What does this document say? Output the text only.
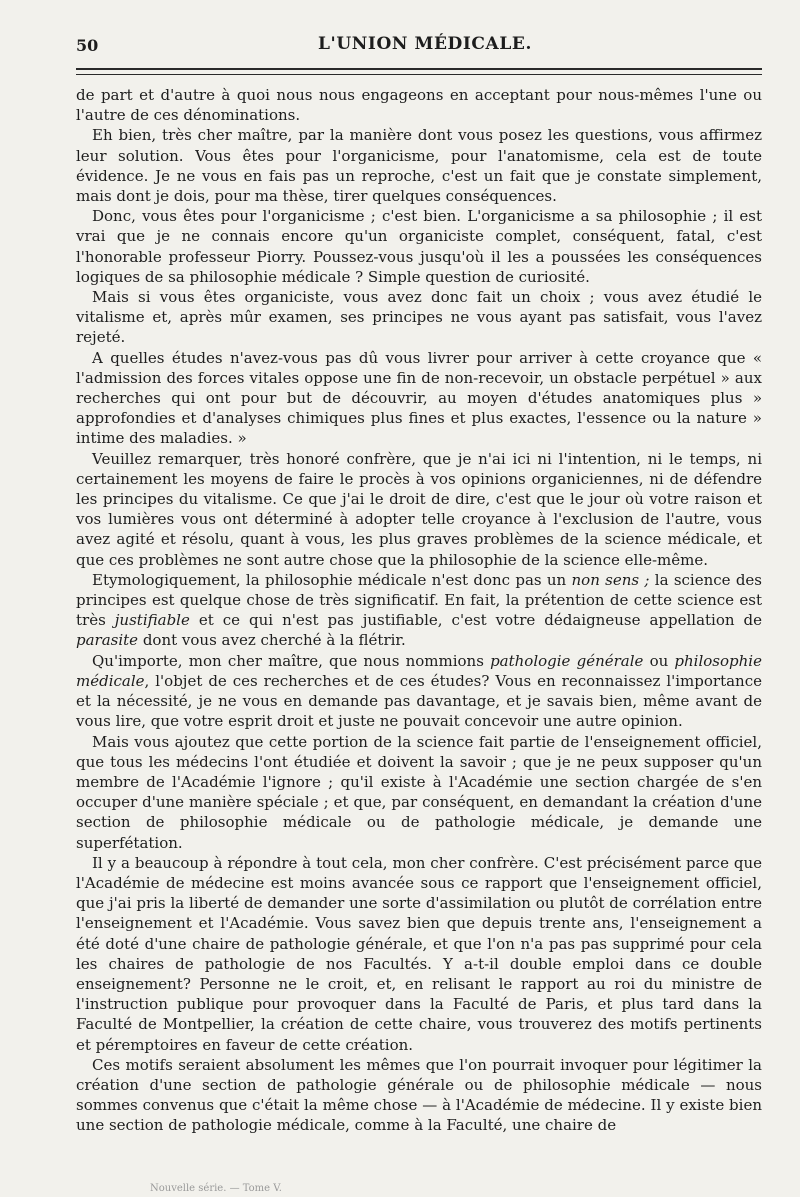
50	L'UNION MÉDICALE.

de part et d'autre à quoi nous nous engageons en acceptant pour nous-mêmes l'une ou l'autre de ces dénominations.

Eh bien, très cher maître, par la manière dont vous posez les questions, vous affirmez leur solution. Vous êtes pour l'organicisme, pour l'anatomisme, cela est de toute évidence. Je ne vous en fais pas un reproche, c'est un fait que je constate simplement, mais dont je dois, pour ma thèse, tirer quelques conséquences.

Donc, vous êtes pour l'organicisme ; c'est bien. L'organicisme a sa philosophie ; il est vrai que je ne connais encore qu'un organiciste complet, conséquent, fatal, c'est l'honorable professeur Piorry. Poussez-vous jusqu'où il les a poussées les conséquences logiques de sa philosophie médicale ? Simple question de curiosité.

Mais si vous êtes organiciste, vous avez donc fait un choix ; vous avez étudié le vitalisme et, après mûr examen, ses principes ne vous ayant pas satisfait, vous l'avez rejeté.

A quelles études n'avez-vous pas dû vous livrer pour arriver à cette croyance que « l'admission des forces vitales oppose une fin de non-recevoir, un obstacle perpétuel » aux recherches qui ont pour but de découvrir, au moyen d'études anatomiques plus » approfondies et d'analyses chimiques plus fines et plus exactes, l'essence ou la nature » intime des maladies. »

Veuillez remarquer, très honoré confrère, que je n'ai ici ni l'intention, ni le temps, ni certainement les moyens de faire le procès à vos opinions organiciennes, ni de défendre les principes du vitalisme. Ce que j'ai le droit de dire, c'est que le jour où votre raison et vos lumières vous ont déterminé à adopter telle croyance à l'exclusion de l'autre, vous avez agité et résolu, quant à vous, les plus graves problèmes de la science médicale, et que ces problèmes ne sont autre chose que la philosophie de la science elle-même.

Etymologiquement, la philosophie médicale n'est donc pas un non sens ; la science des principes est quelque chose de très significatif. En fait, la prétention de cette science est très justifiable et ce qui n'est pas justifiable, c'est votre dédaigneuse appellation de parasite dont vous avez cherché à la flétrir.

Qu'importe, mon cher maître, que nous nommions pathologie générale ou philosophie médicale, l'objet de ces recherches et de ces études? Vous en reconnaissez l'importance et la nécessité, je ne vous en demande pas davantage, et je savais bien, même avant de vous lire, que votre esprit droit et juste ne pouvait concevoir une autre opinion.

Mais vous ajoutez que cette portion de la science fait partie de l'enseignement officiel, que tous les médecins l'ont étudiée et doivent la savoir ; que je ne peux supposer qu'un membre de l'Académie l'ignore ; qu'il existe à l'Académie une section chargée de s'en occuper d'une manière spéciale ; et que, par conséquent, en demandant la création d'une section de philosophie médicale ou de pathologie médicale, je demande une superfétation.

Il y a beaucoup à répondre à tout cela, mon cher confrère. C'est précisément parce que l'Académie de médecine est moins avancée sous ce rapport que l'enseignement officiel, que j'ai pris la liberté de demander une sorte d'assimilation ou plutôt de corrélation entre l'enseignement et l'Académie. Vous savez bien que depuis trente ans, l'enseignement a été doté d'une chaire de pathologie générale, et que l'on n'a pas pas supprimé pour cela les chaires de pathologie de nos Facultés. Y a-t-il double emploi dans ce double enseignement? Personne ne le croit, et, en relisant le rapport au roi du ministre de l'instruction publique pour provoquer dans la Faculté de Paris, et plus tard dans la Faculté de Montpellier, la création de cette chaire, vous trouverez des motifs pertinents et péremptoires en faveur de cette création.

Ces motifs seraient absolument les mêmes que l'on pourrait invoquer pour légitimer la création d'une section de pathologie générale ou de philosophie médicale — nous sommes convenus que c'était la même chose — à l'Académie de médecine. Il y existe bien une section de pathologie médicale, comme à la Faculté, une chaire de

Nouvelle série. — Tome V.
